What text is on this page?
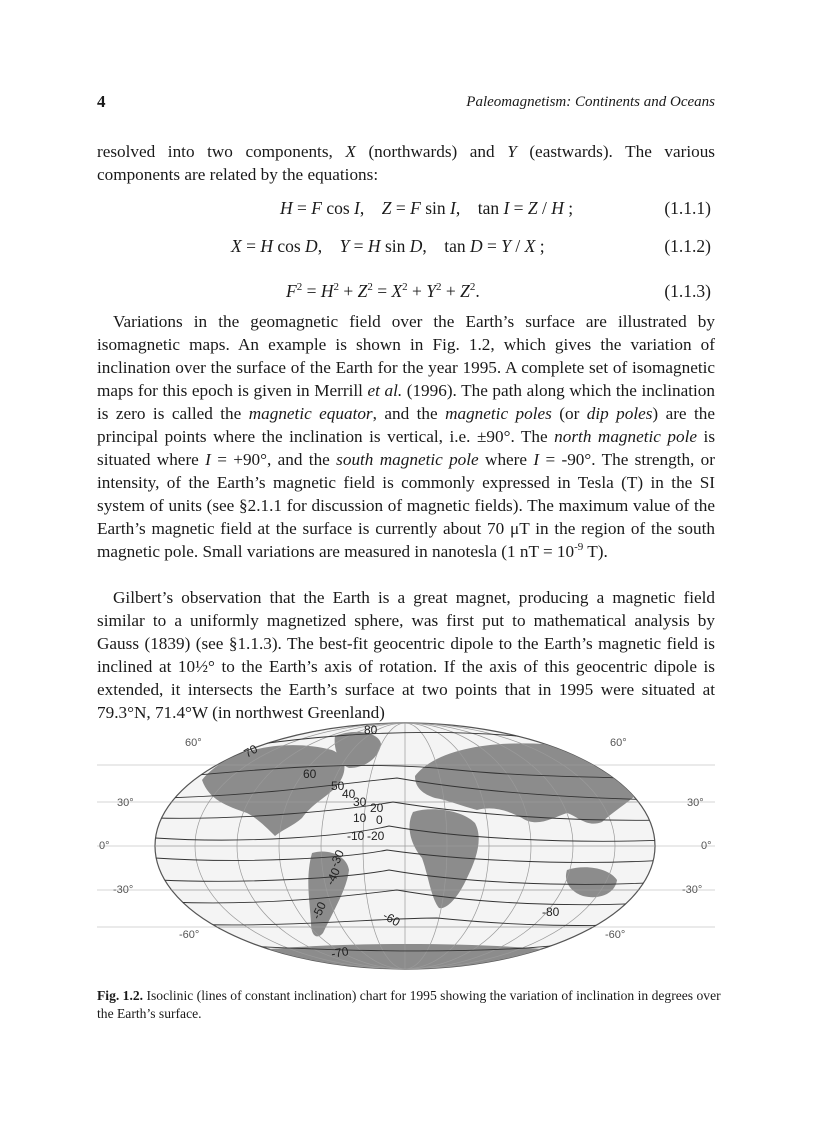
4	Paleomagnetism: Continents and Oceans

resolved into two components, X (northwards) and Y (eastwards). The various components are related by the equations:

H = F cos I,    Z = F sin I,    tan I = Z / H ;	(1.1.1)
X = H cos D,    Y = H sin D,    tan D = Y / X ;	(1.1.2)
$F^2 = H^2 + Z^2 = X^2 + Y^2 + Z^2$.	(1.1.3)

Variations in the geomagnetic field over the Earth’s surface are illustrated by isomagnetic maps. An example is shown in Fig. 1.2, which gives the variation of inclination over the surface of the Earth for the year 1995. A complete set of isomagnetic maps for this epoch is given in Merrill et al. (1996). The path along which the inclination is zero is called the magnetic equator, and the magnetic poles (or dip poles) are the principal points where the inclination is vertical, i.e. ±90°. The north magnetic pole is situated where I = +90°, and the south magnetic pole where I = -90°. The strength, or intensity, of the Earth’s magnetic field is commonly expressed in Tesla (T) in the SI system of units (see §2.1.1 for discussion of magnetic fields). The maximum value of the Earth’s magnetic field at the surface is currently about 70 μT in the region of the south magnetic pole. Small variations are measured in nanotesla (1 nT = $10^{-9}$ T).

Gilbert’s observation that the Earth is a great magnet, producing a magnetic field similar to a uniformly magnetized sphere, was first put to mathematical analysis by Gauss (1839) (see §1.1.3). The best-fit geocentric dipole to the Earth’s magnetic field is inclined at 10½° to the Earth’s axis of rotation. If the axis of this geocentric dipole is extended, it intersects the Earth’s surface at two points that in 1995 were situated at 79.3°N, 71.4°W (in northwest Greenland)

60°	60°
30°	30°
0°	0°
-30°	-30°
-60°	-60°
80
70
60
50
40
30 20
10 0
-10 -20
-30
-40
-50	-60
-70
-80
Fig. 1.2. Isoclinic (lines of constant inclination) chart for 1995 showing the variation of inclination in degrees over the Earth’s surface.
